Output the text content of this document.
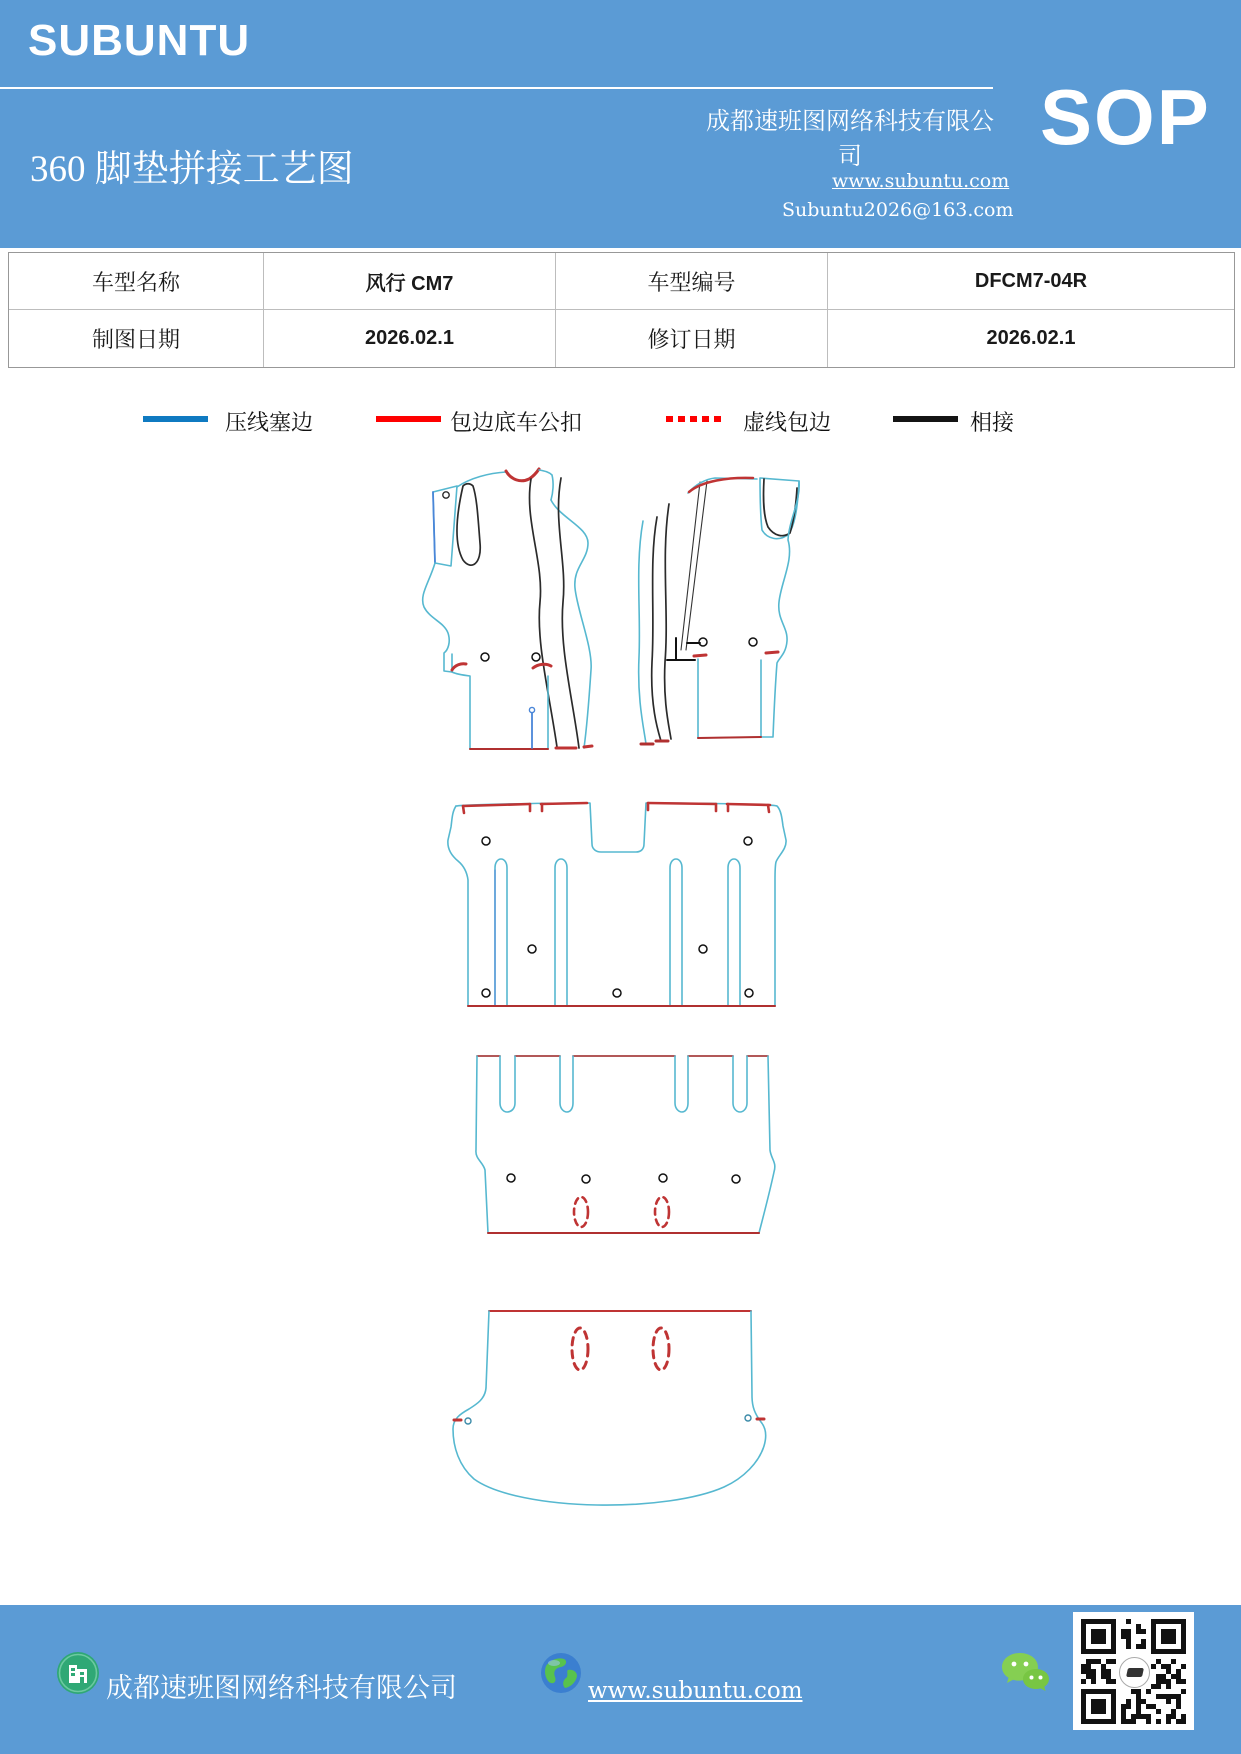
SUBUNTU
成都速班图网络科技有限公司	SOP
360 脚垫拼接工艺图	www.subuntu.com
Subuntu2026@163.com
车型名称	风行 CM7	车型编号	DFCM7-04R
制图日期	2026.02.1	修订日期	2026.02.1
压线塞边	包边底车公扣	虚线包边	相接
成都速班图网络科技有限公司	www.subuntu.com
